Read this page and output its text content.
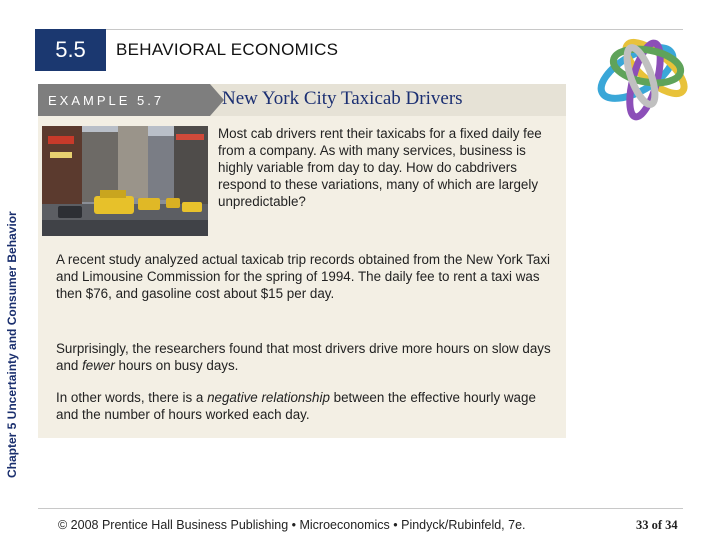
Chapter 5 Uncertainty and Consumer Behavior
5.5	BEHAVIORAL ECONOMICS
EXAMPLE 5.7	New York City Taxicab Drivers
Most cab drivers rent their taxicabs for a fixed daily fee from a company. As with many services, business is highly variable from day to day. How do cabdrivers respond to these variations, many of which are largely unpredictable?
A recent study analyzed actual taxicab trip records obtained from the New York Taxi and Limousine Commission for the spring of 1994. The daily fee to rent a taxi was then $76, and gasoline cost about $15 per day.
Surprisingly, the researchers found that most drivers drive more hours on slow days and fewer hours on busy days.
In other words, there is a negative relationship between the effective hourly wage and the number of hours worked each day.
© 2008 Prentice Hall Business Publishing • Microeconomics • Pindyck/Rubinfeld, 7e.	33 of 34
